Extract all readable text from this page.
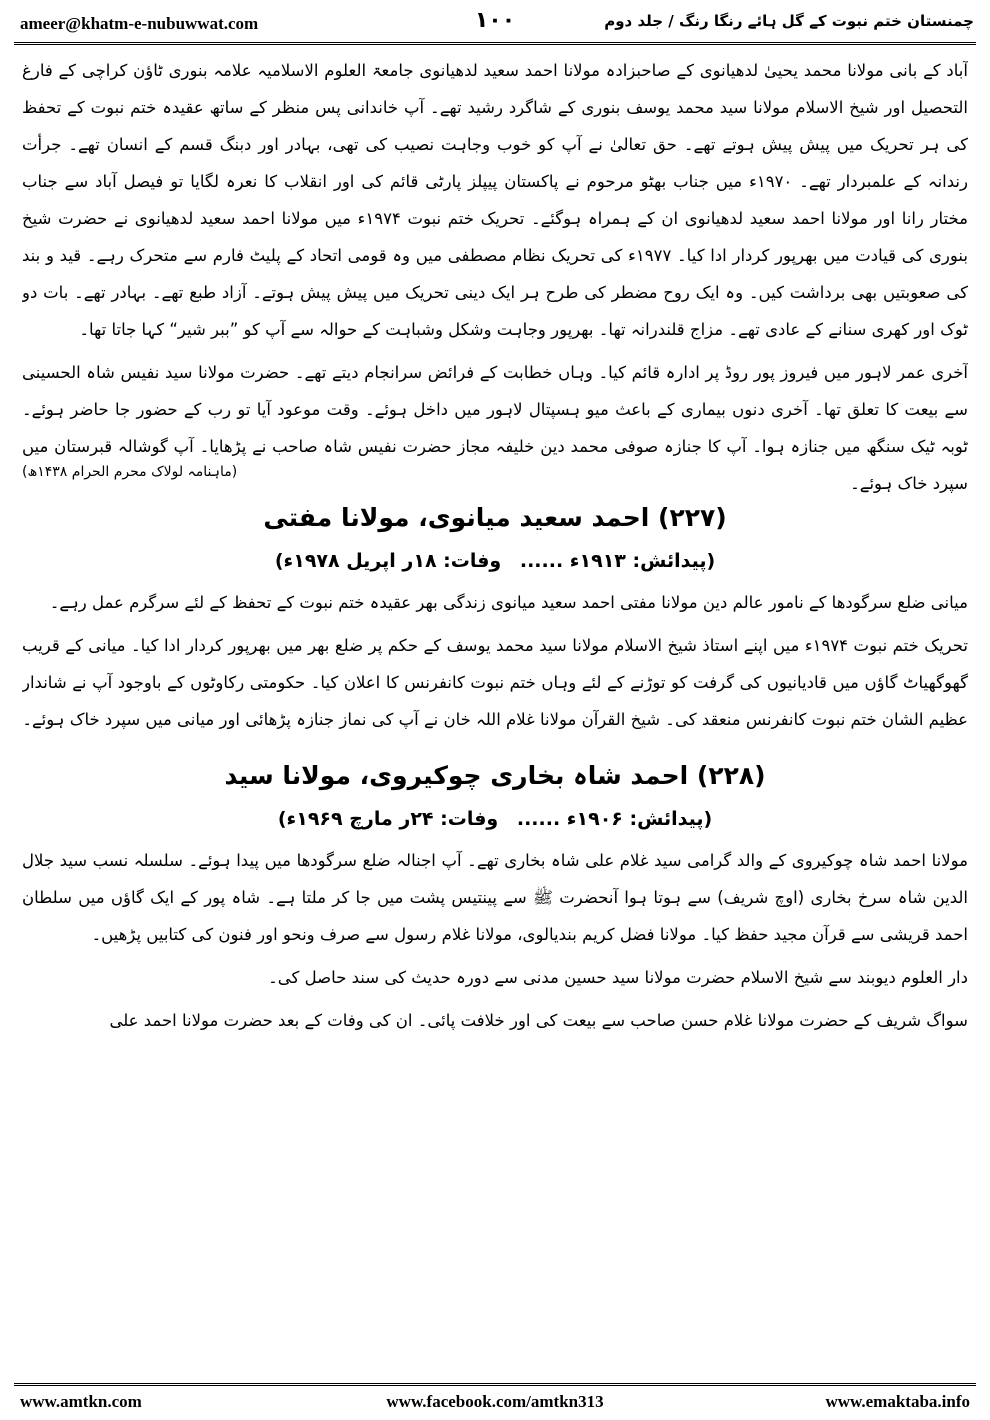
ameer@khatm-e-nubuwwat.com	۱۰۰	چمنستان ختم نبوت کے گل ہائے رنگا رنگ / جلد دوم

آباد کے بانی مولانا محمد یحییٰ لدھیانوی کے صاحبزادہ مولانا احمد سعید لدھیانوی جامعۃ العلوم الاسلامیہ علامہ بنوری ٹاؤن کراچی کے فارغ التحصیل اور شیخ الاسلام مولانا سید محمد یوسف بنوری کے شاگرد رشید تھے۔ آپ خاندانی پس منظر کے ساتھ عقیدہ ختم نبوت کے تحفظ کی ہر تحریک میں پیش پیش ہوتے تھے۔ حق تعالیٰ نے آپ کو خوب وجاہت نصیب کی تھی، بہادر اور دبنگ قسم کے انسان تھے۔ جرأت رندانہ کے علمبردار تھے۔ ۱۹۷۰ء میں جناب بھٹو مرحوم نے پاکستان پیپلز پارٹی قائم کی اور انقلاب کا نعرہ لگایا تو فیصل آباد سے جناب مختار رانا اور مولانا احمد سعید لدھیانوی ان کے ہمراہ ہوگئے۔ تحریک ختم نبوت ۱۹۷۴ء میں مولانا احمد سعید لدھیانوی نے حضرت شیخ بنوری کی قیادت میں بھرپور کردار ادا کیا۔ ۱۹۷۷ء کی تحریک نظام مصطفی میں وہ قومی اتحاد کے پلیٹ فارم سے متحرک رہے۔ قید و بند کی صعوبتیں بھی برداشت کیں۔ وہ ایک روح مضطر کی طرح ہر ایک دینی تحریک میں پیش پیش ہوتے۔ آزاد طبع تھے۔ بہادر تھے۔ بات دو ٹوک اور کھری سنانے کے عادی تھے۔ مزاج قلندرانہ تھا۔ بھرپور وجاہت وشکل وشباہت کے حوالہ سے آپ کو ”ببر شیر“ کہا جاتا تھا۔

آخری عمر لاہور میں فیروز پور روڈ پر ادارہ قائم کیا۔ وہاں خطابت کے فرائض سرانجام دیتے تھے۔ حضرت مولانا سید نفیس شاہ الحسینی سے بیعت کا تعلق تھا۔ آخری دنوں بیماری کے باعث میو ہسپتال لاہور میں داخل ہوئے۔ وقت موعود آیا تو رب کے حضور جا حاضر ہوئے۔ ٹوبہ ٹیک سنگھ میں جنازہ ہوا۔ آپ کا جنازہ صوفی محمد دین خلیفہ مجاز حضرت نفیس شاہ صاحب نے پڑھایا۔ آپ گوشالہ قبرستان میں سپرد خاک ہوئے۔

(ماہنامہ لولاک محرم الحرام ۱۴۳۸ھ)
(۲۲۷) احمد سعید میانوی، مولانا مفتی
(پیدائش: ۱۹۱۳ء ...... وفات: ۱۸ر اپریل ۱۹۷۸ء)

میانی ضلع سرگودھا کے نامور عالم دین مولانا مفتی احمد سعید میانوی زندگی بھر عقیدہ ختم نبوت کے تحفظ کے لئے سرگرم عمل رہے۔

تحریک ختم نبوت ۱۹۷۴ء میں اپنے استاذ شیخ الاسلام مولانا سید محمد یوسف کے حکم پر ضلع بھر میں بھرپور کردار ادا کیا۔ میانی کے قریب گھوگھیاٹ گاؤں میں قادیانیوں کی گرفت کو توڑنے کے لئے وہاں ختم نبوت کانفرنس کا اعلان کیا۔ حکومتی رکاوٹوں کے باوجود آپ نے شاندار عظیم الشان ختم نبوت کانفرنس منعقد کی۔ شیخ القرآن مولانا غلام اللہ خان نے آپ کی نماز جنازہ پڑھائی اور میانی میں سپرد خاک ہوئے۔

(۲۲۸) احمد شاہ بخاری چوکیروی، مولانا سید
(پیدائش: ۱۹۰۶ء ...... وفات: ۲۴ر مارچ ۱۹۶۹ء)

مولانا احمد شاہ چوکیروی کے والد گرامی سید غلام علی شاہ بخاری تھے۔ آپ اجنالہ ضلع سرگودھا میں پیدا ہوئے۔ سلسلہ نسب سید جلال الدین شاہ سرخ بخاری (اوچ شریف) سے ہوتا ہوا آنحضرت ﷺ سے پینتیس پشت میں جا کر ملتا ہے۔ شاہ پور کے ایک گاؤں میں سلطان احمد قریشی سے قرآن مجید حفظ کیا۔ مولانا فضل کریم بندیالوی، مولانا غلام رسول سے صرف ونحو اور فنون کی کتابیں پڑھیں۔

دار العلوم دیوبند سے شیخ الاسلام حضرت مولانا سید حسین مدنی سے دورہ حدیث کی سند حاصل کی۔

سواگ شریف کے حضرت مولانا غلام حسن صاحب سے بیعت کی اور خلافت پائی۔ ان کی وفات کے بعد حضرت مولانا احمد علی

www.amtkn.com	www.facebook.com/amtkn313	www.emaktaba.info
